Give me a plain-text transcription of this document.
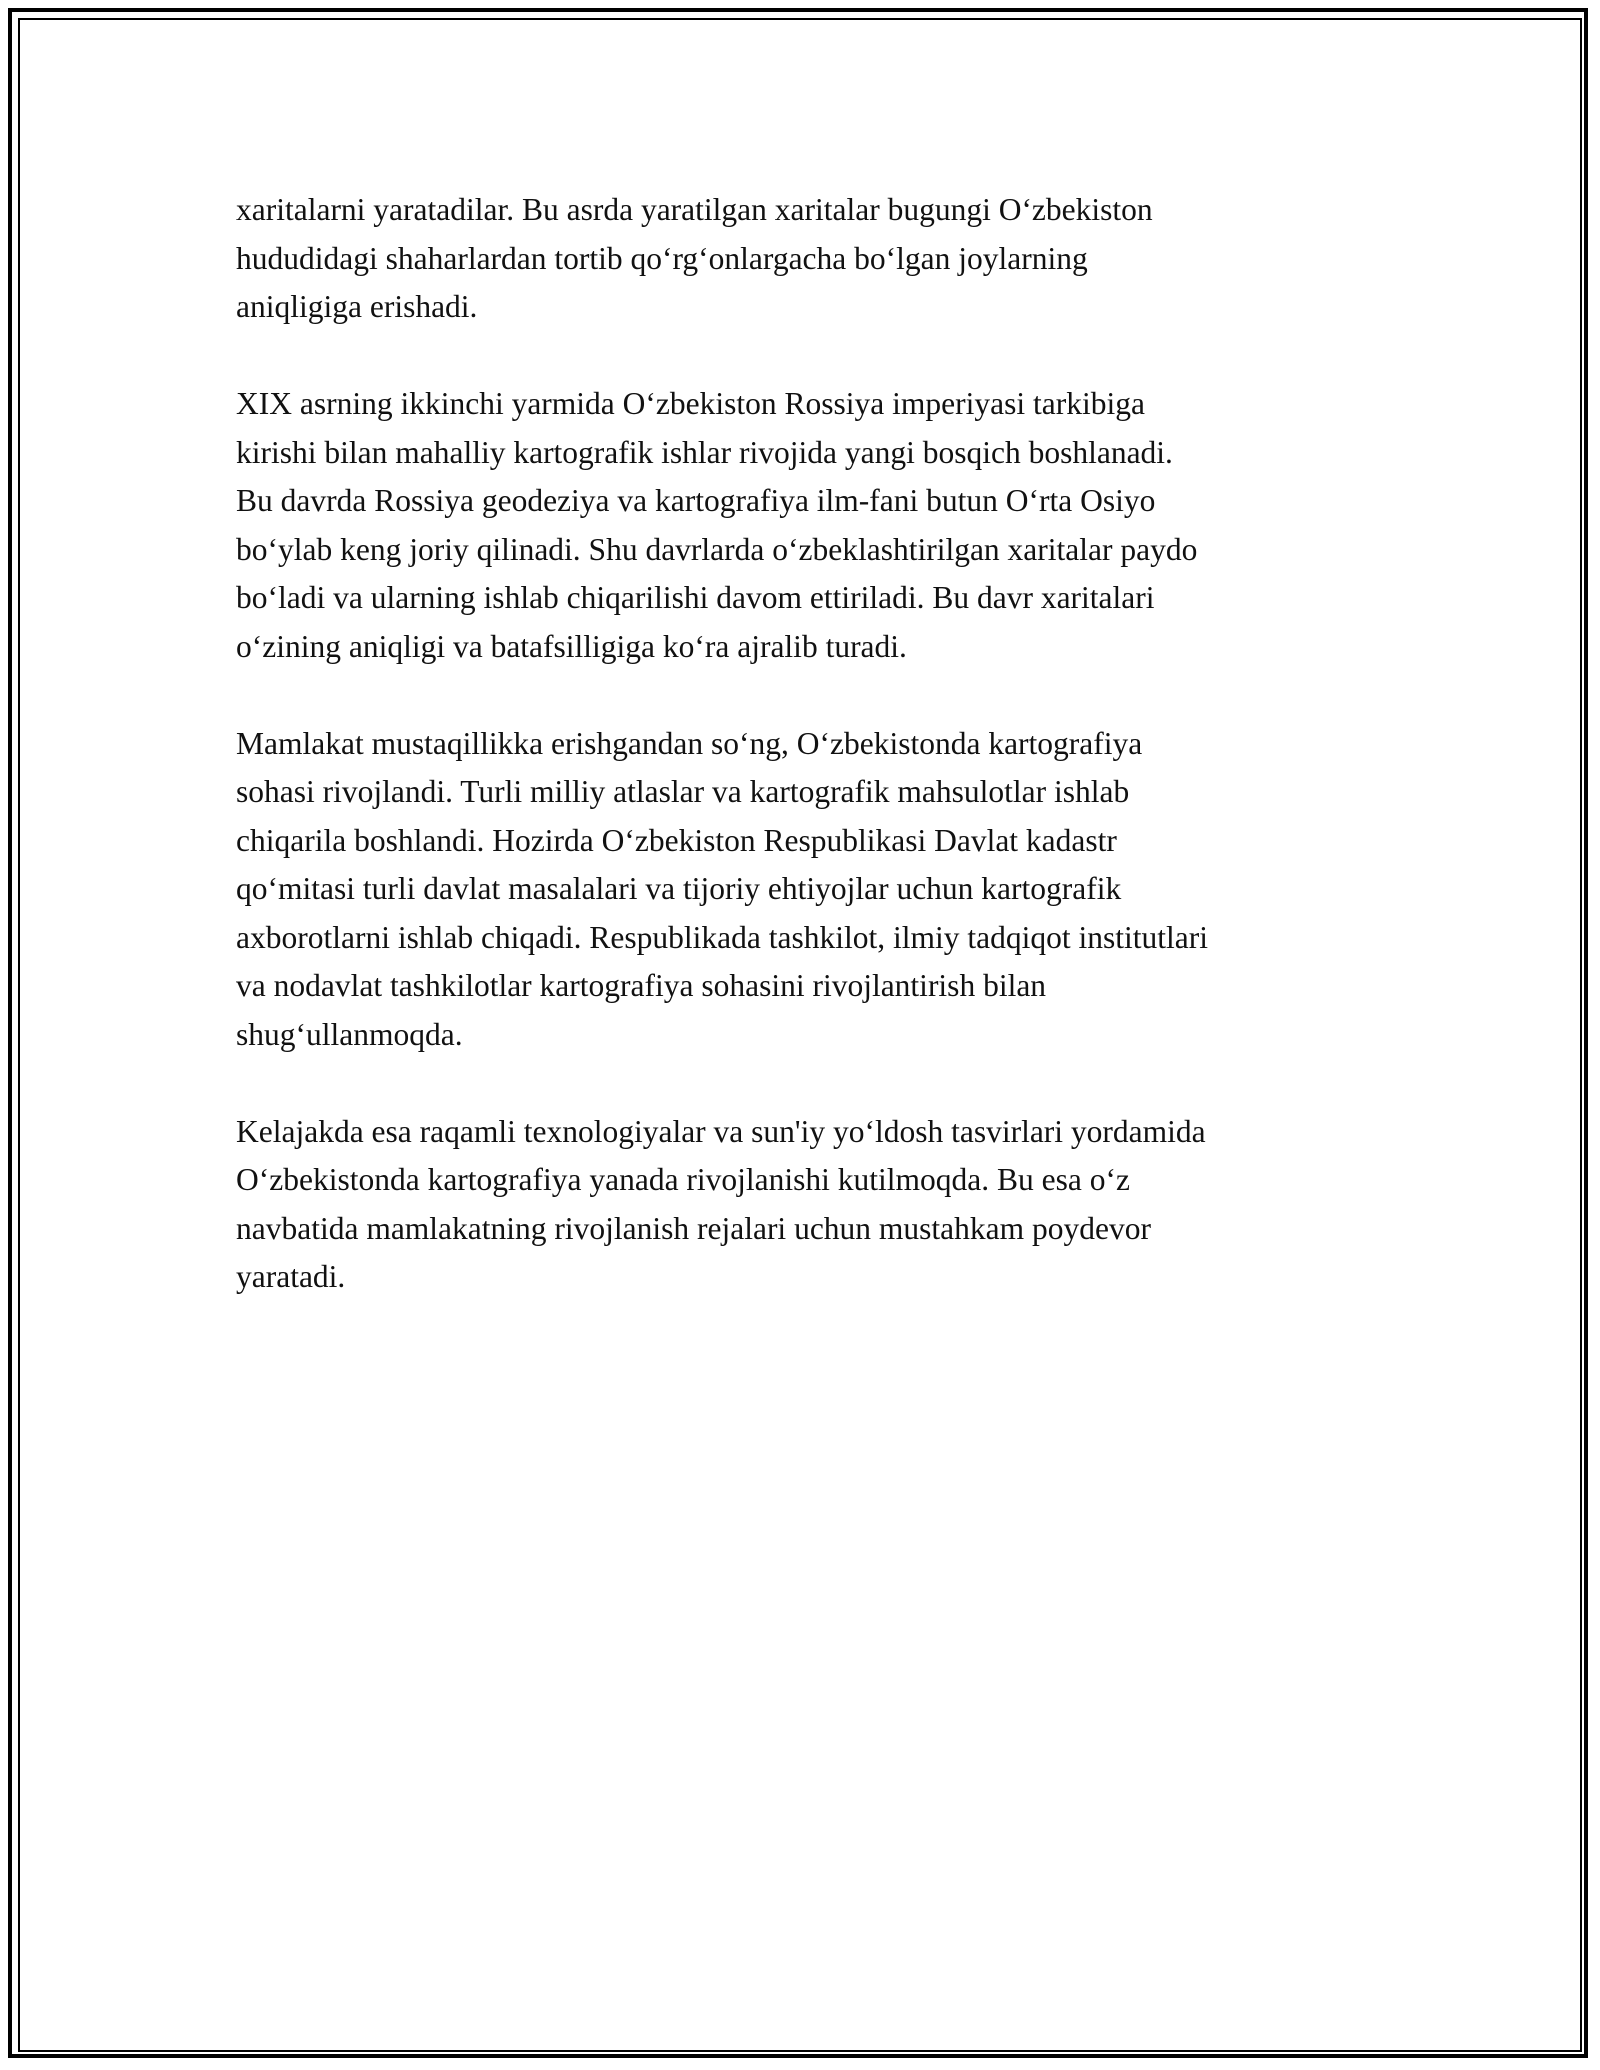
xaritalarni yaratadilar. Bu asrda yaratilgan xaritalar bugungi O‘zbekiston
hududidagi shaharlardan tortib qo‘rg‘onlargacha bo‘lgan joylarning
aniqligiga erishadi.

XIX asrning ikkinchi yarmida O‘zbekiston Rossiya imperiyasi tarkibiga
kirishi bilan mahalliy kartografik ishlar rivojida yangi bosqich boshlanadi.
Bu davrda Rossiya geodeziya va kartografiya ilm-fani butun O‘rta Osiyo
bo‘ylab keng joriy qilinadi. Shu davrlarda o‘zbeklashtirilgan xaritalar paydo
bo‘ladi va ularning ishlab chiqarilishi davom ettiriladi. Bu davr xaritalari
o‘zining aniqligi va batafsilligiga ko‘ra ajralib turadi.

Mamlakat mustaqillikka erishgandan so‘ng, O‘zbekistonda kartografiya
sohasi rivojlandi. Turli milliy atlaslar va kartografik mahsulotlar ishlab
chiqarila boshlandi. Hozirda O‘zbekiston Respublikasi Davlat kadastr
qo‘mitasi turli davlat masalalari va tijoriy ehtiyojlar uchun kartografik
axborotlarni ishlab chiqadi. Respublikada tashkilot, ilmiy tadqiqot institutlari
va nodavlat tashkilotlar kartografiya sohasini rivojlantirish bilan
shug‘ullanmoqda.

Kelajakda esa raqamli texnologiyalar va sun'iy yo‘ldosh tasvirlari yordamida
O‘zbekistonda kartografiya yanada rivojlanishi kutilmoqda. Bu esa o‘z
navbatida mamlakatning rivojlanish rejalari uchun mustahkam poydevor
yaratadi.
